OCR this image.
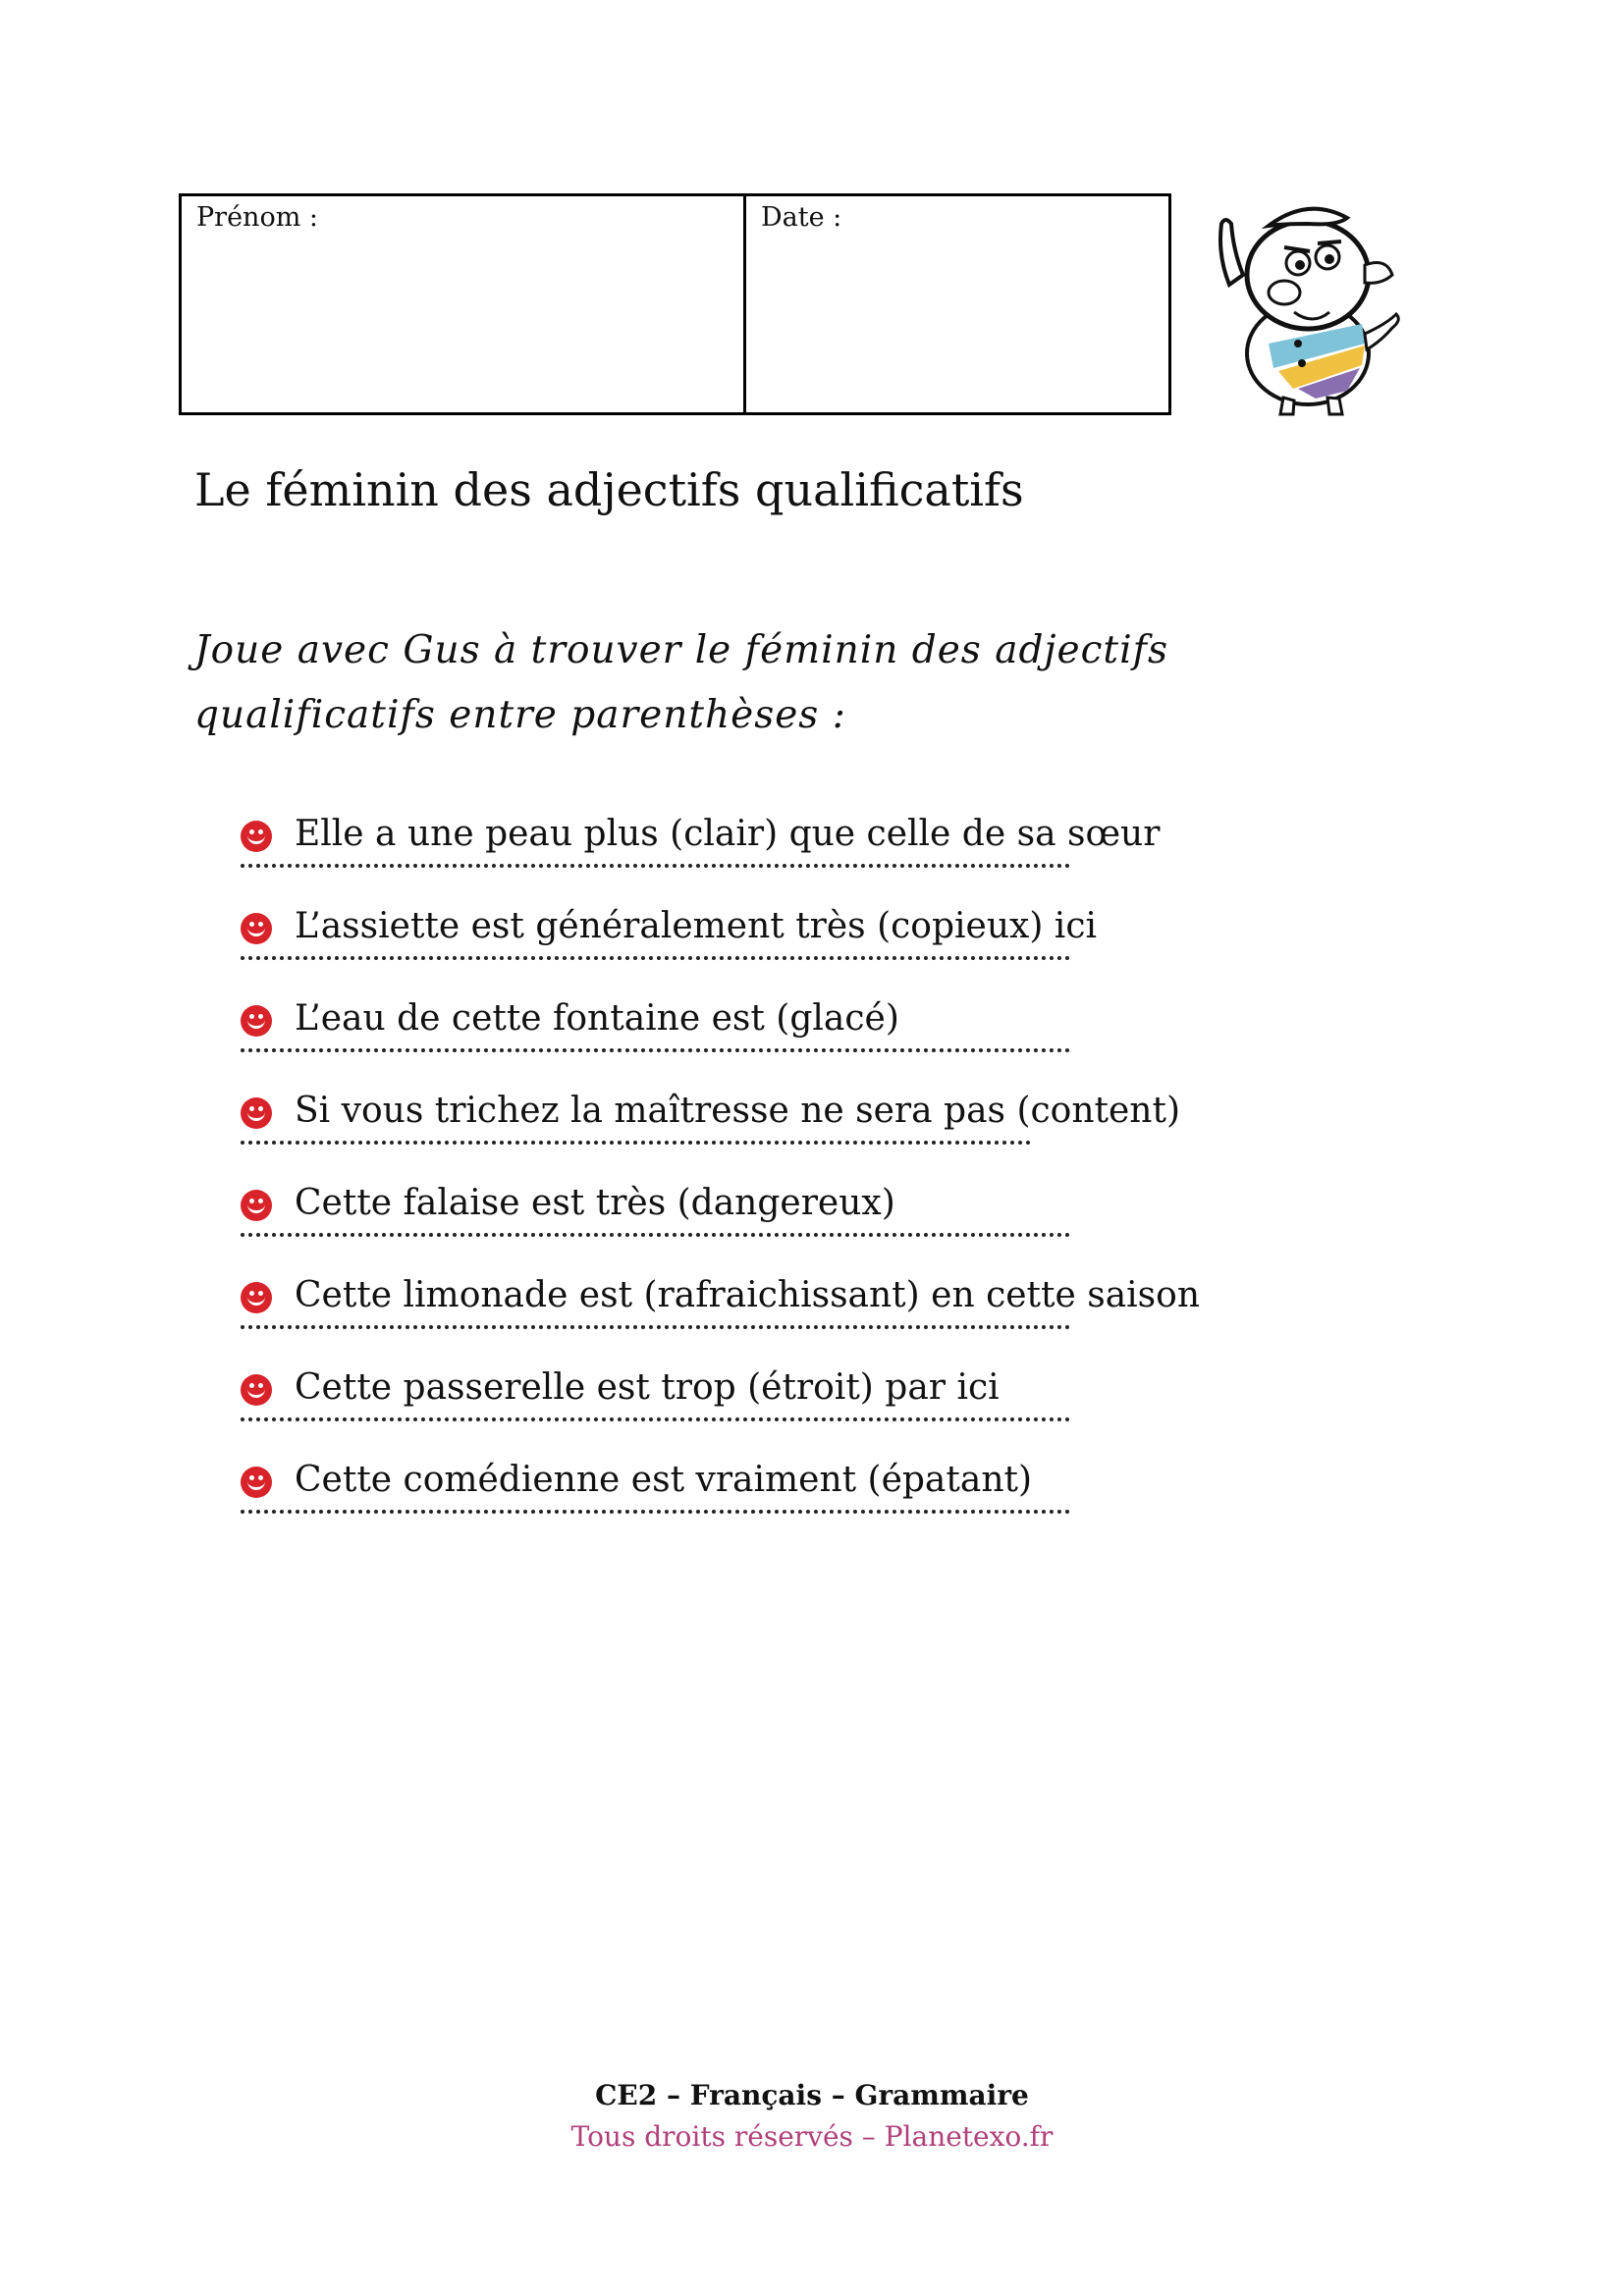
Prénom :	Date :
Le féminin des adjectifs qualificatifs
Joue avec Gus à trouver le féminin des adjectifs
qualificatifs entre parenthèses :
Elle a une peau plus (clair) que celle de sa sœur
L’assiette est généralement très (copieux) ici
L’eau de cette fontaine est (glacé)
Si vous trichez la maîtresse ne sera pas (content)
Cette falaise est très (dangereux)
Cette limonade est (rafraichissant) en cette saison
Cette passerelle est trop (étroit) par ici
Cette comédienne est vraiment (épatant)
CE2 – Français – Grammaire
Tous droits réservés – Planetexo.fr
